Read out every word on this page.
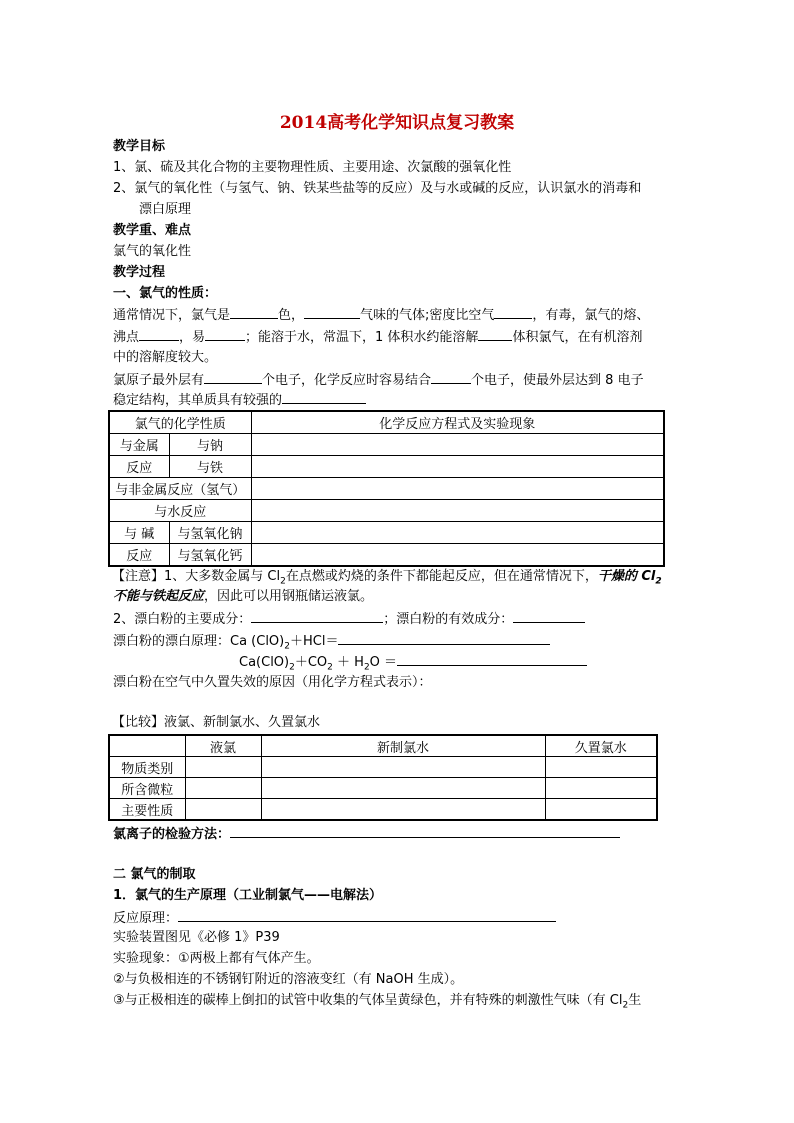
2014高考化学知识点复习教案
教学目标
1、氯、硫及其化合物的主要物理性质、主要用途、次氯酸的强氧化性
2、氯气的氧化性（与氢气、钠、铁某些盐等的反应）及与水或碱的反应，认识氯水的消毒和
漂白原理
教学重、难点
氯气的氧化性
教学过程
一、氯气的性质：
通常情况下，氯气是	色，	气味的气体;密度比空气	，有毒，氯气的熔、
沸点	，易	；能溶于水，常温下，1 体积水约能溶解	体积氯气，在有机溶剂
中的溶解度较大。
氯原子最外层有	个电子，化学反应时容易结合	个电子，使最外层达到 8 电子
稳定结构，其单质具有较强的
氯气的化学性质		化学反应方程式及实验现象
与金属	与钠	
反应	与铁	
与非金属反应（氢气）		
与水反应		
与 碱	与氢氧化钠	
反应	与氢氧化钙	
【注意】1、大多数金属与 $Cl_2$在点燃或灼烧的条件下都能起反应，但在通常情况下，干燥的 $Cl_2$
不能与铁起反应，因此可以用钢瓶储运液氯。
2、漂白粉的主要成分：	；漂白粉的有效成分：
漂白粉的漂白原理：Ca $(ClO)_2+HCl=$
$Ca(ClO)_2+CO_2 + H_2O$ ＝
漂白粉在空气中久置失效的原因（用化学方程式表示）：
【比较】液氯、新制氯水、久置氯水
	液氯	新制氯水	久置氯水
物质类别			
所含微粒			
主要性质			
氯离子的检验方法：
二 氯气的制取
1．氯气的生产原理（工业制氯气——电解法）
反应原理：
实验装置图见《必修 1》P39
实验现象：①两极上都有气体产生。
②与负极相连的不锈钢钉附近的溶液变红（有 NaOH 生成）。
③与正极相连的碳棒上倒扣的试管中收集的气体呈黄绿色，并有特殊的刺激性气味（有 $Cl_2$生
